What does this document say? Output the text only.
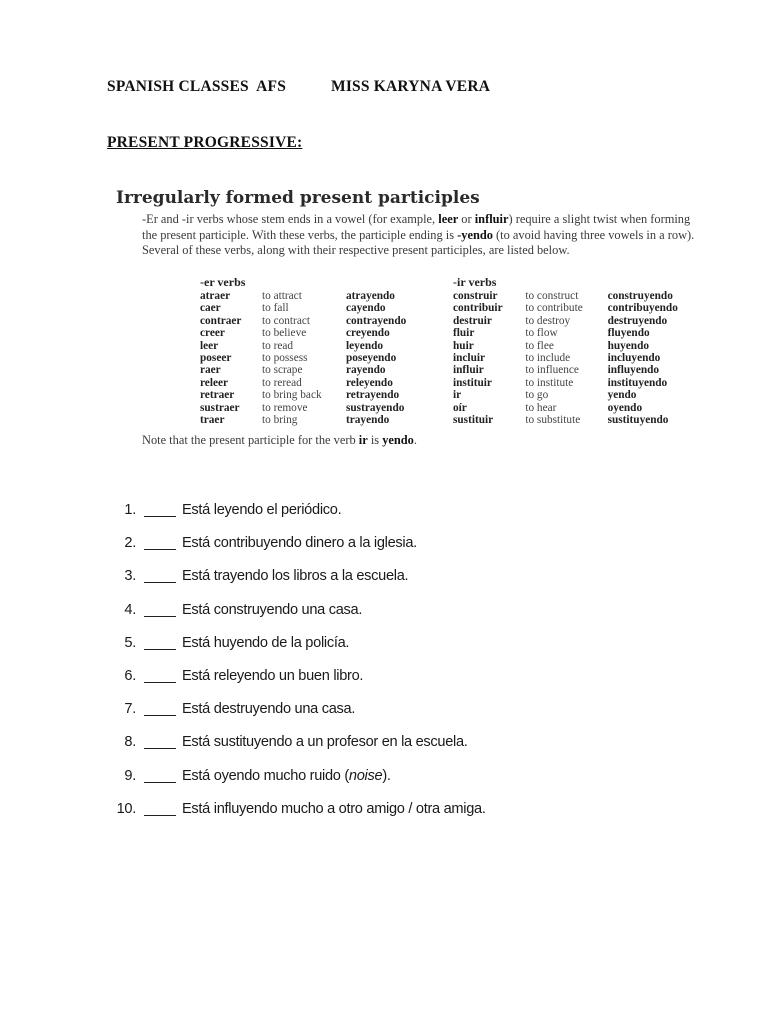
SPANISH CLASSES  AFS	MISS KARYNA VERA
PRESENT PROGRESSIVE:
Irregularly formed present participles
-Er and -ir verbs whose stem ends in a vowel (for example, leer or influir) require a slight twist when forming the present participle. With these verbs, the participle ending is -yendo (to avoid having three vowels in a row). Several of these verbs, along with their respective present participles, are listed below.
-er verbs	-ir verbs
atraer	to attract	atrayendo
caer	to fall	cayendo
contraer	to contract	contrayendo
creer	to believe	creyendo
leer	to read	leyendo
poseer	to possess	poseyendo
raer	to scrape	rayendo
releer	to reread	releyendo
retraer	to bring back	retrayendo
sustraer	to remove	sustrayendo
traer	to bring	trayendo
construir	to construct	construyendo
contribuir	to contribute	contribuyendo
destruir	to destroy	destruyendo
fluir	to flow	fluyendo
huir	to flee	huyendo
incluir	to include	incluyendo
influir	to influence	influyendo
instituir	to institute	instituyendo
ir	to go	yendo
oír	to hear	oyendo
sustituir	to substitute	sustituyendo
Note that the present participle for the verb ir is yendo.
1.	Está leyendo el periódico.
2.	Está contribuyendo dinero a la iglesia.
3.	Está trayendo los libros a la escuela.
4.	Está construyendo una casa.
5.	Está huyendo de la policía.
6.	Está releyendo un buen libro.
7.	Está destruyendo una casa.
8.	Está sustituyendo a un profesor en la escuela.
9.	Está oyendo mucho ruido (noise).
10.	Está influyendo mucho a otro amigo / otra amiga.
